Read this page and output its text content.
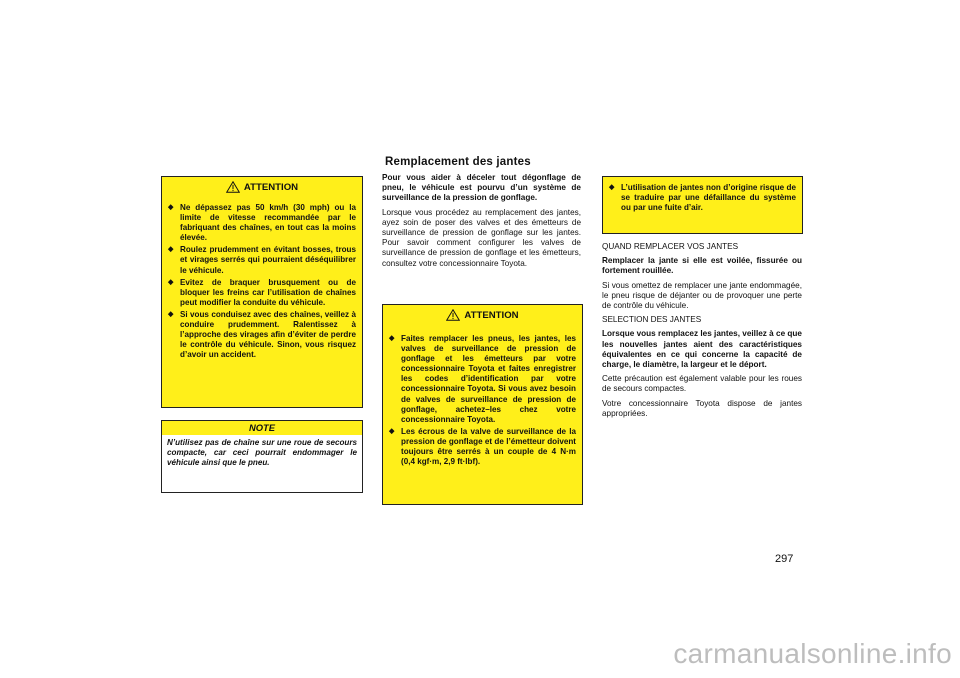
Remplacement des jantes
ATTENTION
◆ Ne dépassez pas 50 km/h (30 mph) ou la limite de vitesse recommandée par le fabriquant des chaînes, en tout cas la moins élevée.
◆ Roulez prudemment en évitant bosses, trous et virages serrés qui pourraient déséquilibrer le véhicule.
◆ Evitez de braquer brusquement ou de bloquer les freins car l’utilisation de chaînes peut modifier la conduite du véhicule.
◆ Si vous conduisez avec des chaînes, veillez à conduire prudemment. Ralentissez à l’approche des virages afin d’éviter de perdre le contrôle du véhicule. Sinon, vous risquez d’avoir un accident.
NOTE

N’utilisez pas de chaîne sur une roue de secours compacte, car ceci pourrait endommager le véhicule ainsi que le pneu.

Pour vous aider à déceler tout dégonflage de pneu, le véhicule est pourvu d’un système de surveillance de la pression de gonflage.

Lorsque vous procédez au remplacement des jantes, ayez soin de poser des valves et des émetteurs de surveillance de pression de gonflage sur les jantes. Pour savoir comment configurer les valves de surveillance de pression de gonflage et les émetteurs, consultez votre concessionnaire Toyota.

ATTENTION
◆ Faites remplacer les pneus, les jantes, les valves de surveillance de pression de gonflage et les émetteurs par votre concessionnaire Toyota et faites enregistrer les codes d’identification par votre concessionnaire Toyota. Si vous avez besoin de valves de surveillance de pression de gonflage, achetez–les chez votre concessionnaire Toyota.
◆ Les écrous de la valve de surveillance de la pression de gonflage et de l’émetteur doivent toujours être serrés à un couple de 4 N·m (0,4 kgf·m, 2,9 ft·lbf).
◆ L’utilisation de jantes non d’origine risque de se traduire par une défaillance du système ou par une fuite d’air.

QUAND REMPLACER VOS JANTES

Remplacer la jante si elle est voilée, fissurée ou fortement rouillée.

Si vous omettez de remplacer une jante endommagée, le pneu risque de déjanter ou de provoquer une perte de contrôle du véhicule.

SELECTION DES JANTES

Lorsque vous remplacez les jantes, veillez à ce que les nouvelles jantes aient des caractéristiques équivalentes en ce qui concerne la capacité de charge, le diamètre, la largeur et le déport.

Cette précaution est également valable pour les roues de secours compactes.

Votre concessionnaire Toyota dispose de jantes appropriées.

297
carmanualsonline.info
